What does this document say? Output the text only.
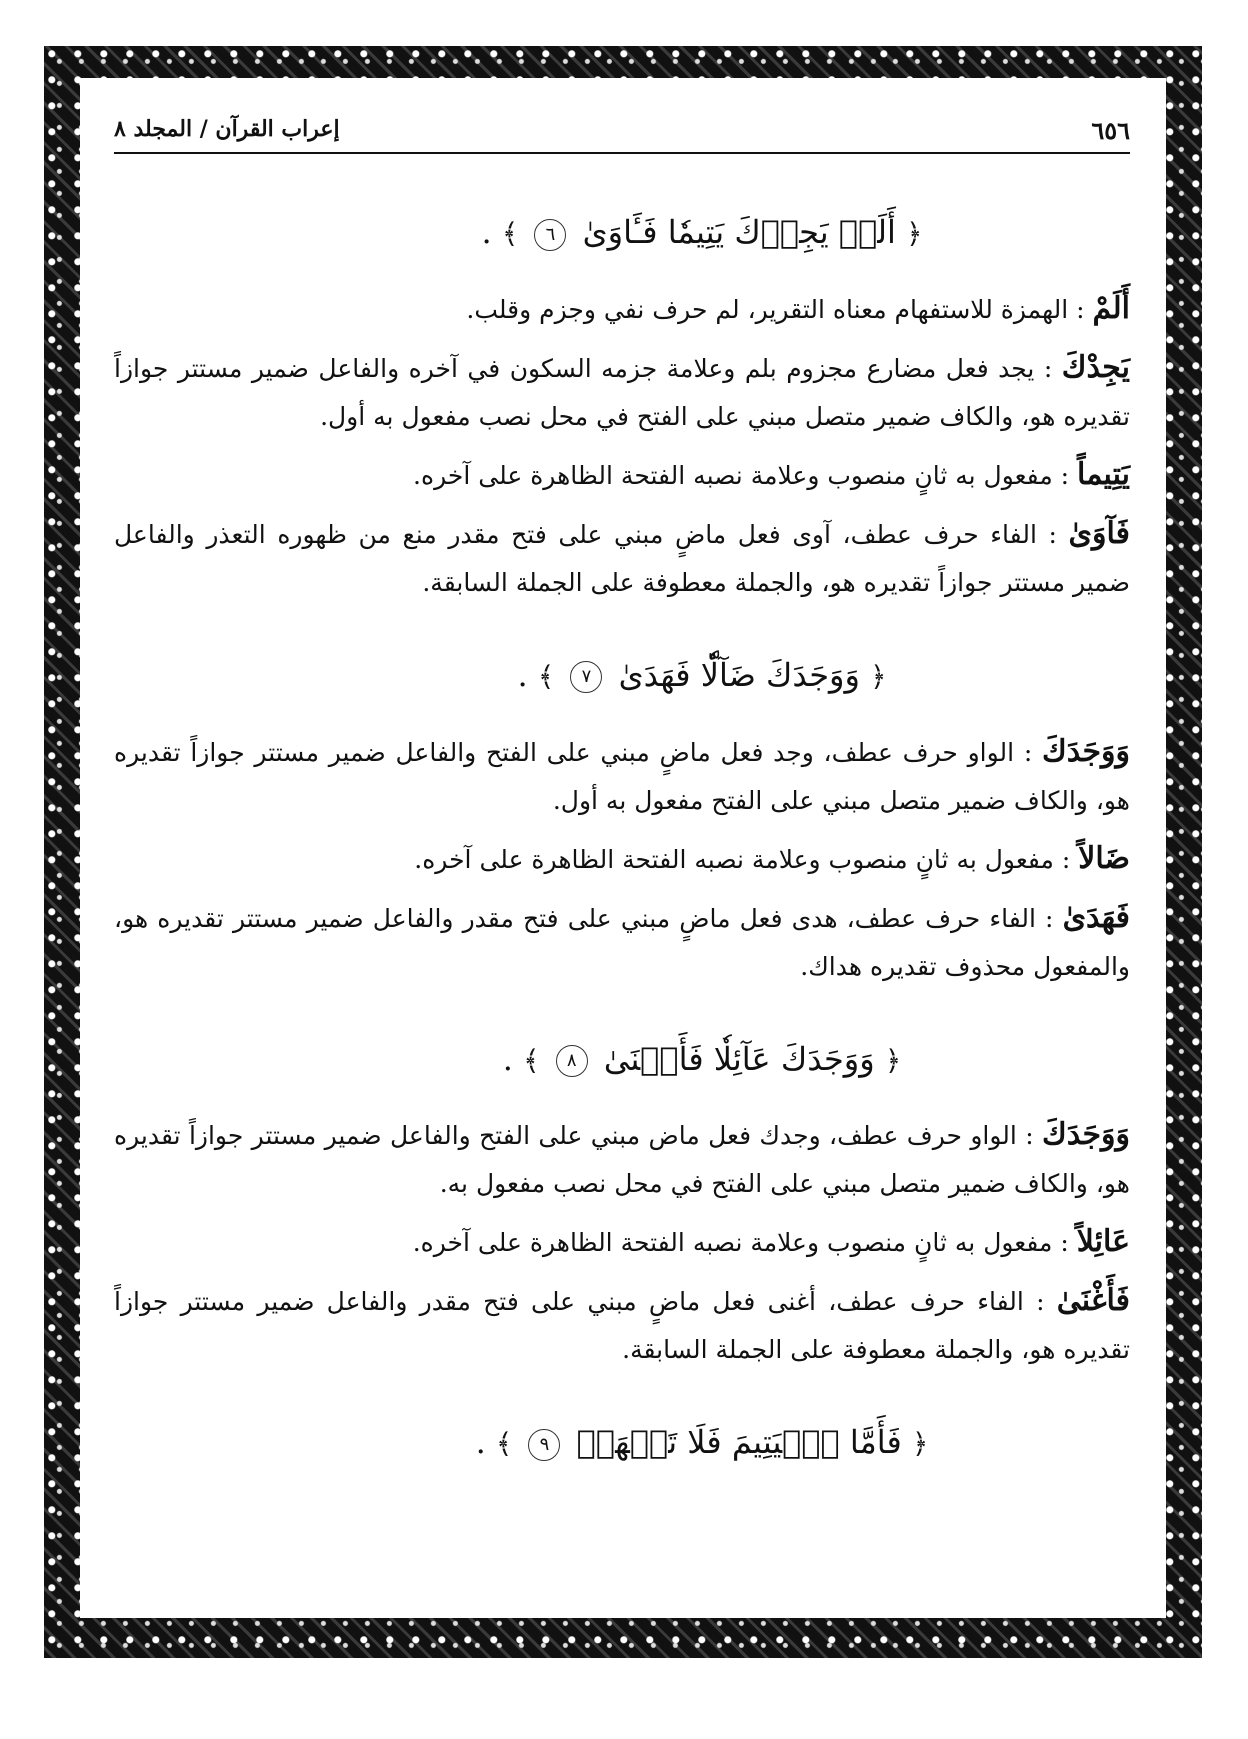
٦٥٦
إعراب القرآن / المجلد ٨
﴿ أَلَمۡ يَجِدۡكَ يَتِيمٗا فَـَٔاوَىٰ ٦ ﴾ .

أَلَمْ : الهمزة للاستفهام معناه التقرير، لم حرف نفي وجزم وقلب.

يَجِدْكَ : يجد فعل مضارع مجزوم بلم وعلامة جزمه السكون في آخره والفاعل ضمير مستتر جوازاً تقديره هو، والكاف ضمير متصل مبني على الفتح في محل نصب مفعول به أول.

يَتِيماً : مفعول به ثانٍ منصوب وعلامة نصبه الفتحة الظاهرة على آخره.

فَآوَىٰ : الفاء حرف عطف، آوى فعل ماضٍ مبني على فتح مقدر منع من ظهوره التعذر والفاعل ضمير مستتر جوازاً تقديره هو، والجملة معطوفة على الجملة السابقة.

﴿ وَوَجَدَكَ ضَآلّٗا فَهَدَىٰ ٧ ﴾ .

وَوَجَدَكَ : الواو حرف عطف، وجد فعل ماضٍ مبني على الفتح والفاعل ضمير مستتر جوازاً تقديره هو، والكاف ضمير متصل مبني على الفتح مفعول به أول.

ضَالاً : مفعول به ثانٍ منصوب وعلامة نصبه الفتحة الظاهرة على آخره.

فَهَدَىٰ : الفاء حرف عطف، هدى فعل ماضٍ مبني على فتح مقدر والفاعل ضمير مستتر تقديره هو، والمفعول محذوف تقديره هداك.

﴿ وَوَجَدَكَ عَآئِلٗا فَأَغۡنَىٰ ٨ ﴾ .

وَوَجَدَكَ : الواو حرف عطف، وجدك فعل ماض مبني على الفتح والفاعل ضمير مستتر جوازاً تقديره هو، والكاف ضمير متصل مبني على الفتح في محل نصب مفعول به.

عَائِلاً : مفعول به ثانٍ منصوب وعلامة نصبه الفتحة الظاهرة على آخره.

فَأَغْنَىٰ : الفاء حرف عطف، أغنى فعل ماضٍ مبني على فتح مقدر والفاعل ضمير مستتر جوازاً تقديره هو، والجملة معطوفة على الجملة السابقة.

﴿ فَأَمَّا ٱلۡيَتِيمَ فَلَا تَقۡهَرۡ ٩ ﴾ .
